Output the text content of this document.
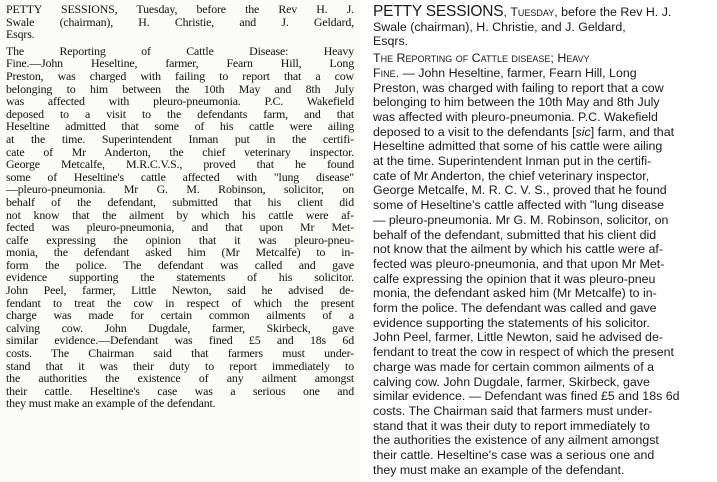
PETTY SESSIONS, Tuesday, before the Rev H. J.
Swale (chairman), H. Christie, and J. Geldard,
Esqrs.
The Reporting of Cattle Disease: Heavy
Fine.—John Heseltine, farmer, Fearn Hill, Long
Preston, was charged with failing to report that a cow
belonging to him between the 10th May and 8th July
was affected with pleuro-pneumonia. P.C. Wakefield
deposed to a visit to the defendants farm, and that
Heseltine admitted that some of his cattle were ailing
at the time. Superintendent Inman put in the certifi-
cate of Mr Anderton, the chief veterinary inspector.
George Metcalfe, M.R.C.V.S., proved that he found
some of Heseltine's cattle affected with "lung disease"
—pleuro-pneumonia. Mr G. M. Robinson, solicitor, on
behalf of the defendant, submitted that his client did
not know that the ailment by which his cattle were af-
fected was pleuro-pneumonia, and that upon Mr Met-
calfe expressing the opinion that it was pleuro-pneu-
monia, the defendant asked him (Mr Metcalfe) to in-
form the police. The defendant was called and gave
evidence supporting the statements of his solicitor.
John Peel, farmer, Little Newton, said he advised de-
fendant to treat the cow in respect of which the present
charge was made for certain common ailments of a
calving cow. John Dugdale, farmer, Skirbeck, gave
similar evidence.—Defendant was fined £5 and 18s 6d
costs. The Chairman said that farmers must under-
stand that it was their duty to report immediately to
the authorities the existence of any ailment amongst
their cattle. Heseltine's case was a serious one and
they must make an example of the defendant.
PETTY SESSIONS, Tuesday, before the Rev H. J.
Swale (chairman), H. Christie, and J. Geldard,
Esqrs.
The Reporting of Cattle disease; Heavy
Fine. — John Heseltine, farmer, Fearn Hill, Long
Preston, was charged with failing to report that a cow
belonging to him between the 10th May and 8th July
was affected with pleuro-pneumonia. P.C. Wakefield
deposed to a visit to the defendants [sic] farm, and that
Heseltine admitted that some of his cattle were ailing
at the time. Superintendent Inman put in the certifi-
cate of Mr Anderton, the chief veterinary inspector,
George Metcalfe, M. R. C. V. S., proved that he found
some of Heseltine's cattle affected with "lung disease
— pleuro-pneumonia. Mr G. M. Robinson, solicitor, on
behalf of the defendant, submitted that his client did
not know that the ailment by which his cattle were af-
fected was pleuro-pneumonia, and that upon Mr Met-
calfe expressing the opinion that it was pleuro-pneu
monia, the defendant asked him (Mr Metcalfe) to in-
form the police. The defendant was called and gave
evidence supporting the statements of his solicitor.
John Peel, farmer, Little Newton, said he advised de-
fendant to treat the cow in respect of which the present
charge was made for certain common ailments of a
calving cow. John Dugdale, farmer, Skirbeck, gave
similar evidence. — Defendant was fined £5 and 18s 6d
costs. The Chairman said that farmers must under-
stand that it was their duty to report immediately to
the authorities the existence of any ailment amongst
their cattle. Heseltine's case was a serious one and
they must make an example of the defendant.
